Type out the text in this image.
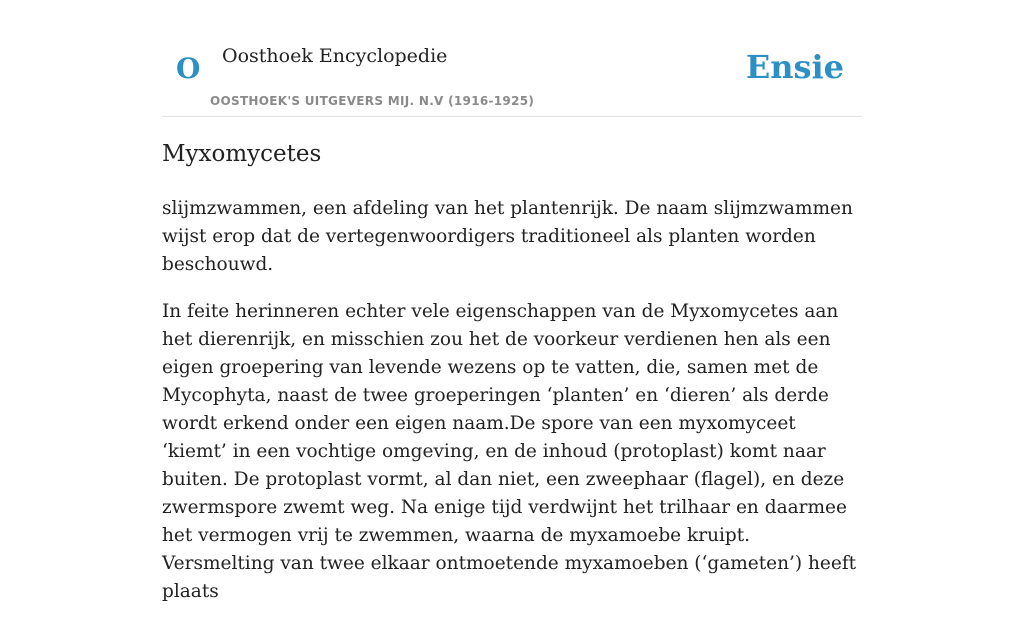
O Oosthoek Encyclopedie
OOSTHOEK'S UITGEVERS MIJ. N.V (1916-1925)
Ensie
Myxomycetes

slijmzwammen, een afdeling van het plantenrijk. De naam slijmzwammen wijst erop dat de vertegenwoordigers traditioneel als planten worden beschouwd.

In feite herinneren echter vele eigenschappen van de Myxomycetes aan het dierenrijk, en misschien zou het de voorkeur verdienen hen als een eigen groepering van levende wezens op te vatten, die, samen met de Mycophyta, naast de twee groeperingen ‘planten’ en ‘dieren’ als derde wordt erkend onder een eigen naam.De spore van een myxomyceet ‘kiemt’ in een vochtige omgeving, en de inhoud (protoplast) komt naar buiten. De protoplast vormt, al dan niet, een zweephaar (flagel), en deze zwermspore zwemt weg. Na enige tijd verdwijnt het trilhaar en daarmee het vermogen vrij te zwemmen, waarna de myxamoebe kruipt. Versmelting van twee elkaar ontmoetende myxamoeben (‘gameten’) heeft plaats
